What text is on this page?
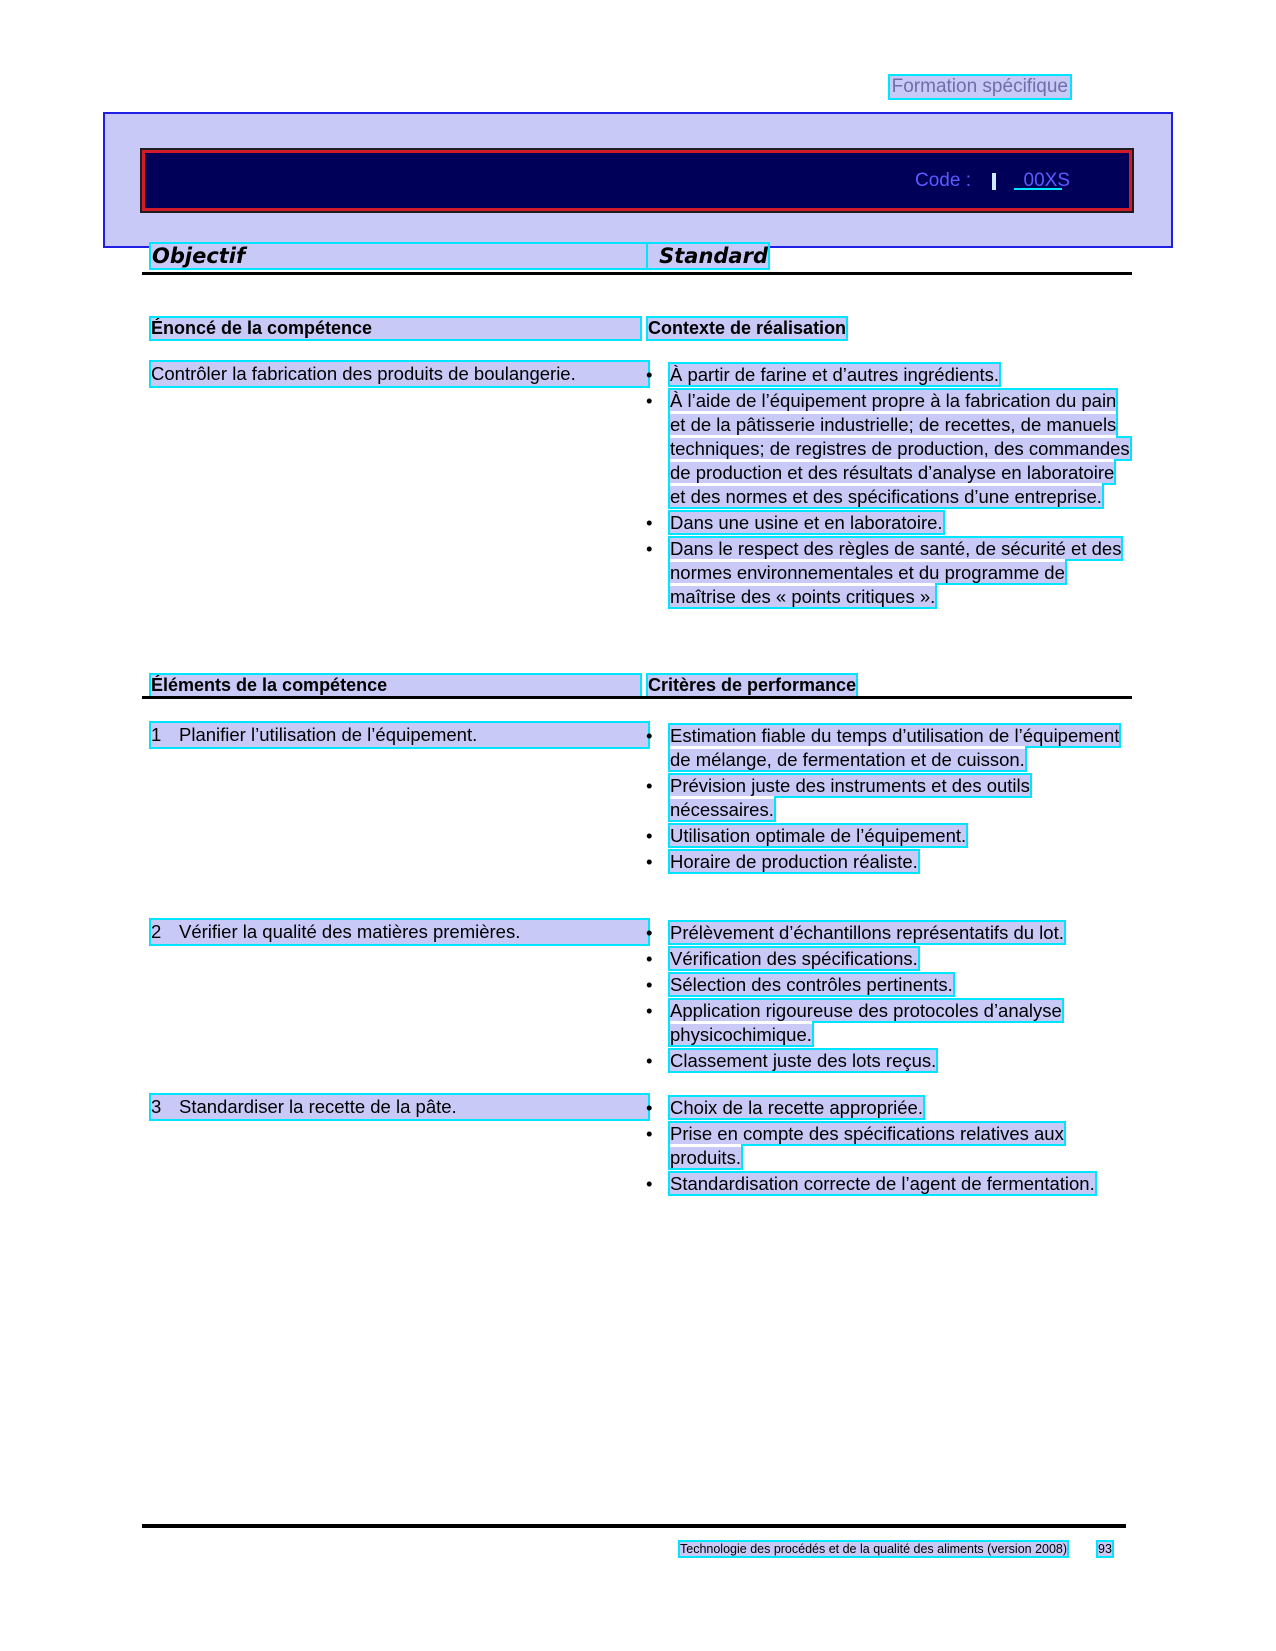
Formation spécifique
Code :	00XS
Objectif	Standard
Énoncé de la compétence	Contexte de réalisation
Contrôler la fabrication des produits de boulangerie.	• À partir de farine et d’autres ingrédients.
• À l’aide de l’équipement propre à la fabrication du pain et de la pâtisserie industrielle; de recettes, de manuels techniques; de registres de production, des commandes de production et des résultats d’analyse en laboratoire et des normes et des spécifications d’une entreprise.
• Dans une usine et en laboratoire.
• Dans le respect des règles de santé, de sécurité et des normes environnementales et du programme de maîtrise des « points critiques ».
Éléments de la compétence	Critères de performance
1 Planifier l’utilisation de l’équipement.	• Estimation fiable du temps d’utilisation de l’équipement de mélange, de fermentation et de cuisson.
• Prévision juste des instruments et des outils nécessaires.
• Utilisation optimale de l’équipement.
• Horaire de production réaliste.
2 Vérifier la qualité des matières premières.	• Prélèvement d’échantillons représentatifs du lot.
• Vérification des spécifications.
• Sélection des contrôles pertinents.
• Application rigoureuse des protocoles d’analyse physicochimique.
• Classement juste des lots reçus.
3 Standardiser la recette de la pâte.	• Choix de la recette appropriée.
• Prise en compte des spécifications relatives aux produits.
• Standardisation correcte de l’agent de fermentation.
Technologie des procédés et de la qualité des aliments (version 2008) 93
